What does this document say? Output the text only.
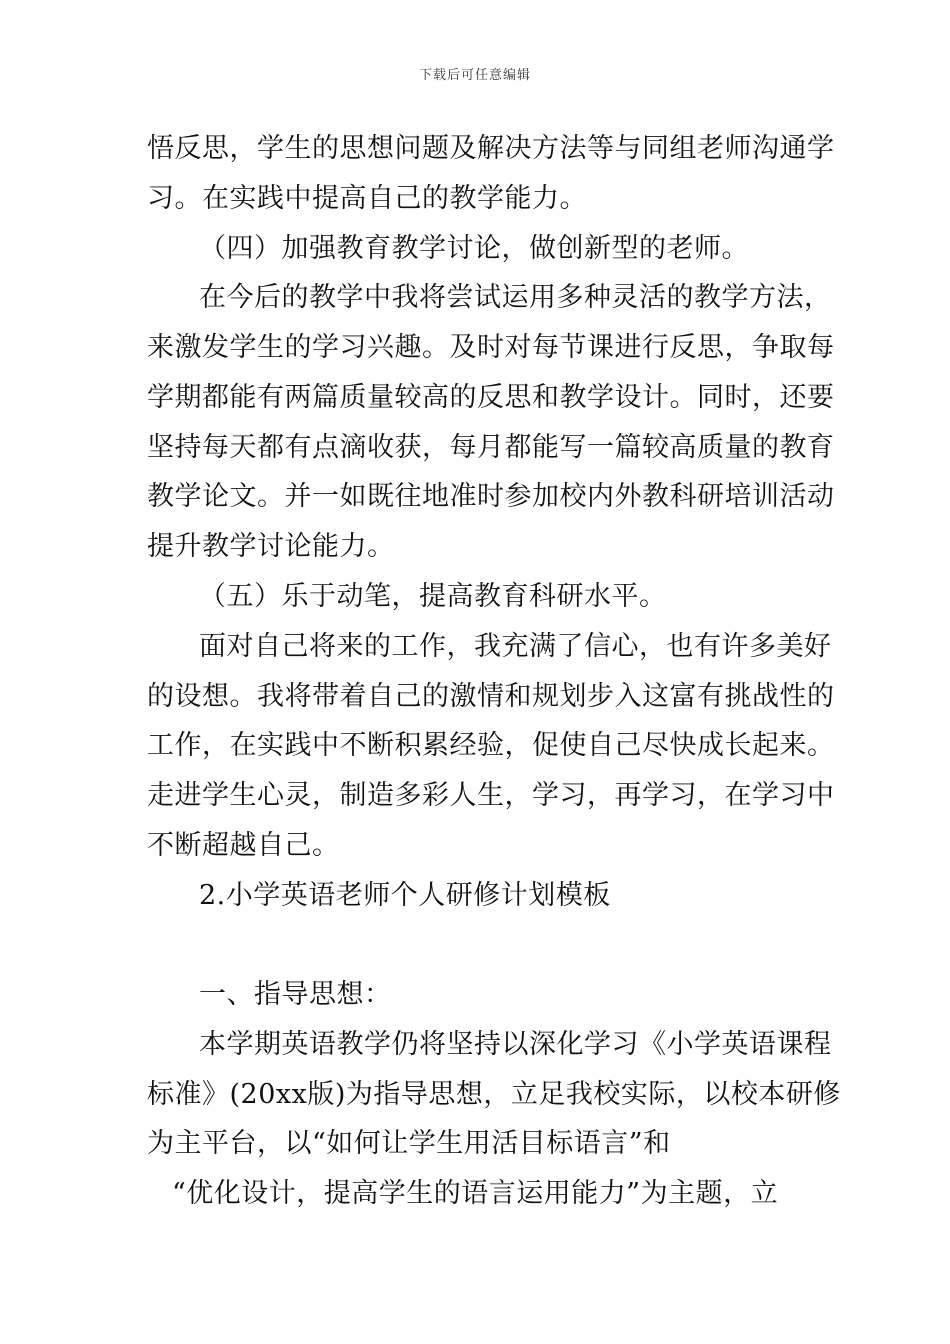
下载后可任意编辑
悟反思，学生的思想问题及解决方法等与同组老师沟通学
习。在实践中提高自己的教学能力。
（四）加强教育教学讨论，做创新型的老师。
在今后的教学中我将尝试运用多种灵活的教学方法，
来激发学生的学习兴趣。及时对每节课进行反思，争取每
学期都能有两篇质量较高的反思和教学设计。同时，还要
坚持每天都有点滴收获，每月都能写一篇较高质量的教育
教学论文。并一如既往地准时参加校内外教科研培训活动
提升教学讨论能力。
（五）乐于动笔，提高教育科研水平。
面对自己将来的工作，我充满了信心，也有许多美好
的设想。我将带着自己的激情和规划步入这富有挑战性的
工作，在实践中不断积累经验，促使自己尽快成长起来。
走进学生心灵，制造多彩人生，学习，再学习，在学习中
不断超越自己。
2.小学英语老师个人研修计划模板
一、指导思想：
本学期英语教学仍将坚持以深化学习《小学英语课程
标准》(20xx版)为指导思想，立足我校实际，以校本研修
为主平台，以“如何让学生用活目标语言”和
“优化设计，提高学生的语言运用能力”为主题，立
